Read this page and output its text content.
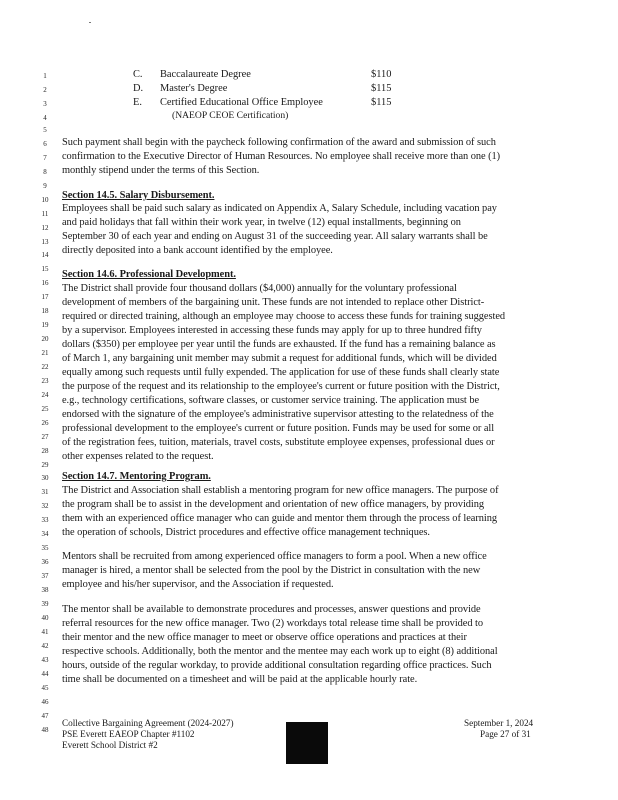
1
2
3
4
5
6
7
8
9
10
11
12
13
14
15
16
17
18
19
20
21
22
23
24
25
26
27
28
29
30
31
32
33
34
35
36
37
38
39
40
41
42
43
44
45
46
47
48
C. Baccalaureate Degree	$110
D. Master's Degree	$115
E. Certified Educational Office Employee	$115
(NAEOP CEOE Certification)
Such payment shall begin with the paycheck following confirmation of the award and submission of such
confirmation to the Executive Director of Human Resources. No employee shall receive more than one (1)
monthly stipend under the terms of this Section.
Section 14.5. Salary Disbursement.
Employees shall be paid such salary as indicated on Appendix A, Salary Schedule, including vacation pay
and paid holidays that fall within their work year, in twelve (12) equal installments, beginning on
September 30 of each year and ending on August 31 of the succeeding year. All salary warrants shall be
directly deposited into a bank account identified by the employee.
Section 14.6. Professional Development.
The District shall provide four thousand dollars ($4,000) annually for the voluntary professional
development of members of the bargaining unit. These funds are not intended to replace other District-
required or directed training, although an employee may choose to access these funds for training suggested
by a supervisor. Employees interested in accessing these funds may apply for up to three hundred fifty
dollars ($350) per employee per year until the funds are exhausted. If the fund has a remaining balance as
of March 1, any bargaining unit member may submit a request for additional funds, which will be divided
equally among such requests until fully expended. The application for use of these funds shall clearly state
the purpose of the request and its relationship to the employee's current or future position with the District,
e.g., technology certifications, software classes, or customer service training. The application must be
endorsed with the signature of the employee's administrative supervisor attesting to the relatedness of the
professional development to the employee's current or future position. Funds may be used for some or all
of the registration fees, tuition, materials, travel costs, substitute employee expenses, professional dues or
other expenses related to the request.
Section 14.7. Mentoring Program.
The District and Association shall establish a mentoring program for new office managers. The purpose of
the program shall be to assist in the development and orientation of new office managers, by providing
them with an experienced office manager who can guide and mentor them through the process of learning
the operation of schools, District procedures and effective office management techniques.
Mentors shall be recruited from among experienced office managers to form a pool. When a new office
manager is hired, a mentor shall be selected from the pool by the District in consultation with the new
employee and his/her supervisor, and the Association if requested.
The mentor shall be available to demonstrate procedures and processes, answer questions and provide
referral resources for the new office manager. Two (2) workdays total release time shall be provided to
their mentor and the new office manager to meet or observe office operations and practices at their
respective schools. Additionally, both the mentor and the mentee may each work up to eight (8) additional
hours, outside of the regular workday, to provide additional consultation regarding office practices. Such
time shall be documented on a timesheet and will be paid at the applicable hourly rate.
Collective Bargaining Agreement (2024-2027)
PSE Everett EAEOP Chapter #1102
Everett School District #2
September 1, 2024
Page 27 of 31
